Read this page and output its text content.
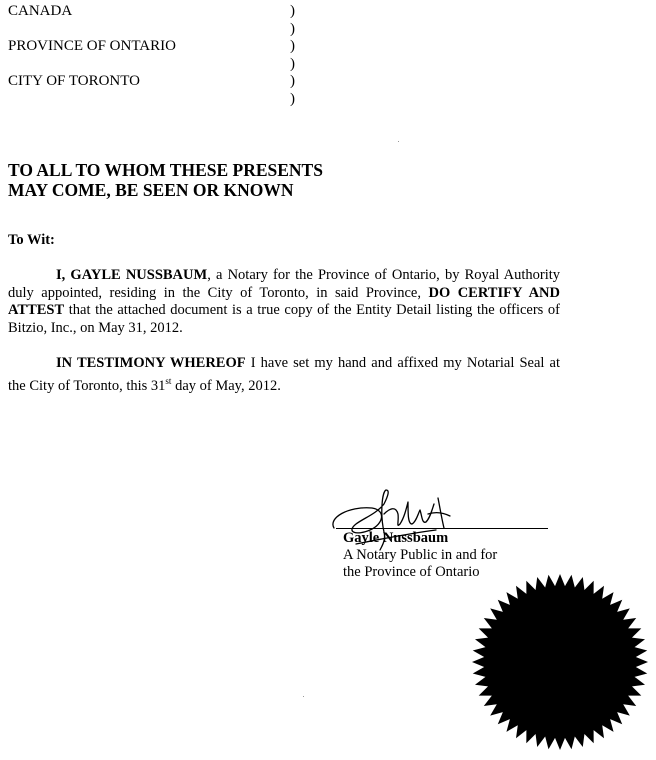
CANADA
PROVINCE OF ONTARIO
CITY OF TORONTO
)
)
)
)
)
)
TO ALL TO WHOM THESE PRESENTS
MAY COME, BE SEEN OR KNOWN
To Wit:
I, GAYLE NUSSBAUM, a Notary for the Province of Ontario, by Royal Authority duly appointed, residing in the City of Toronto, in said Province, DO CERTIFY AND ATTEST that the attached document is a true copy of the Entity Detail listing the officers of Bitzio, Inc., on May 31, 2012.
IN TESTIMONY WHEREOF I have set my hand and affixed my Notarial Seal at the City of Toronto, this 31st day of May, 2012.
Gayle Nussbaum
A Notary Public in and for
the Province of Ontario
